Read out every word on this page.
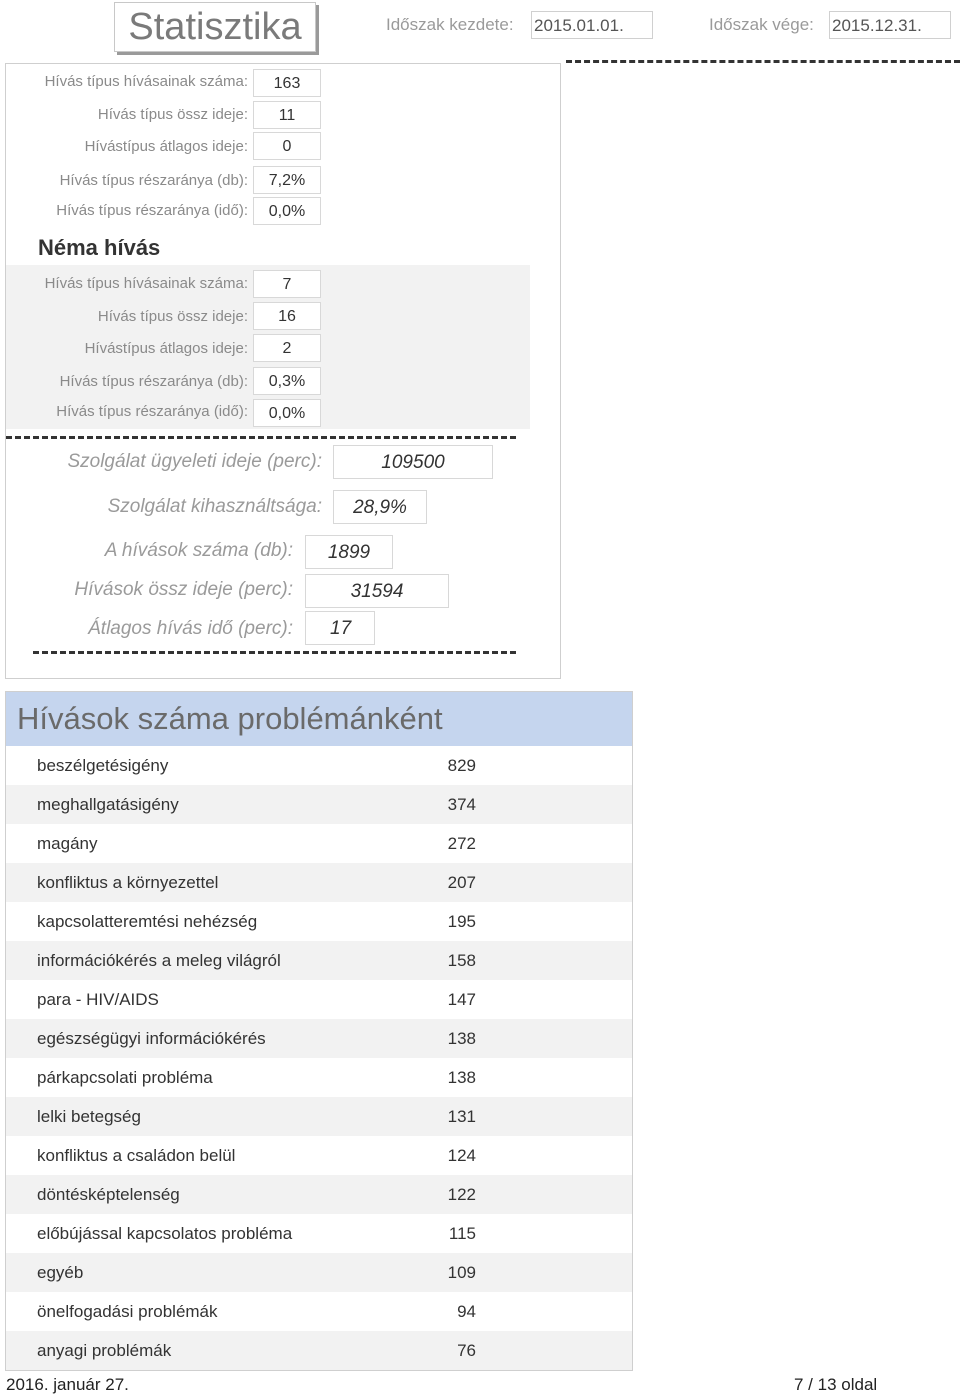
Statisztika	Időszak kezdete: 2015.01.01.	Időszak vége: 2015.12.31.
Hívás típus hívásainak száma:	163
Hívás típus össz ideje:	11
Hívástípus átlagos ideje:	0
Hívás típus részaránya (db):	7,2%
Hívás típus részaránya (idő):	0,0%
Néma hívás
Hívás típus hívásainak száma:	7
Hívás típus össz ideje:	16
Hívástípus átlagos ideje:	2
Hívás típus részaránya (db):	0,3%
Hívás típus részaránya (idő):	0,0%
Szolgálat ügyeleti ideje (perc):	109500
Szolgálat kihasználtsága:	28,9%
A hívások száma (db):	1899
Hívások össz ideje (perc):	31594
Átlagos hívás idő (perc):	17
Hívások száma problémánként
beszélgetésigény	829
meghallgatásigény	374
magány	272
konfliktus a környezettel	207
kapcsolatteremtési nehézség	195
információkérés a meleg világról	158
para - HIV/AIDS	147
egészségügyi információkérés	138
párkapcsolati probléma	138
lelki betegség	131
konfliktus a családon belül	124
döntésképtelenség	122
előbújással kapcsolatos probléma	115
egyéb	109
önelfogadási problémák	94
anyagi problémák	76
2016. január 27.	7 / 13 oldal
